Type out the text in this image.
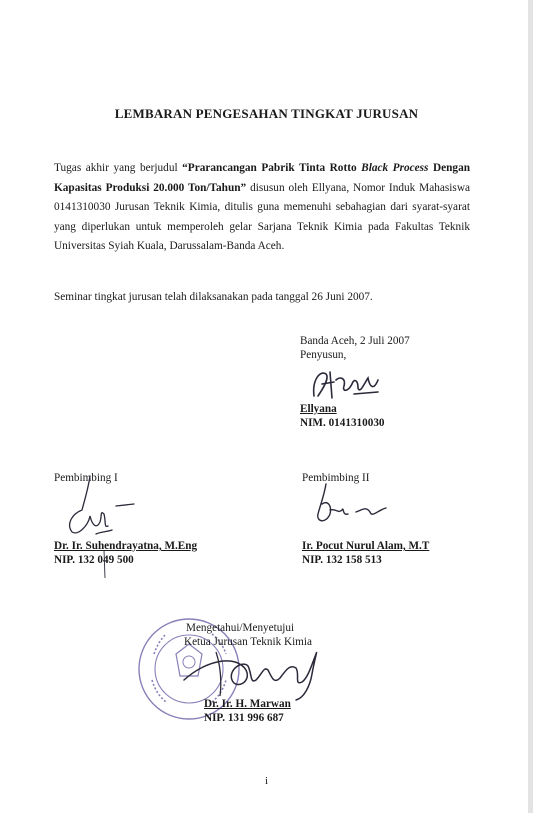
LEMBARAN PENGESAHAN TINGKAT JURUSAN
Tugas akhir yang berjudul “Prarancangan Pabrik Tinta Rotto Black Process Dengan Kapasitas Produksi 20.000 Ton/Tahun” disusun oleh Ellyana, Nomor Induk Mahasiswa 0141310030 Jurusan Teknik Kimia, ditulis guna memenuhi sebahagian dari syarat-syarat yang diperlukan untuk memperoleh gelar Sarjana Teknik Kimia pada Fakultas Teknik Universitas Syiah Kuala, Darussalam-Banda Aceh.
Seminar tingkat jurusan telah dilaksanakan pada tanggal 26 Juni 2007.
Banda Aceh, 2 Juli 2007
Penyusun,
Ellyana
NIM. 0141310030
Pembimbing I
Dr. Ir. Suhendrayatna, M.Eng
NIP. 132 049 500
Pembimbing II
Ir. Pocut Nurul Alam, M.T
NIP. 132 158 513
Mengetahui/Menyetujui
Ketua Jurusan Teknik Kimia
Dr. Ir. H. Marwan
NIP. 131 996 687
i
